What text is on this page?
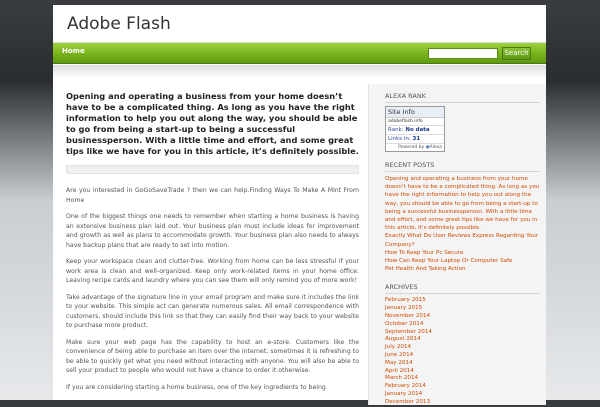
Adobe Flash
Home	Search
Opening and operating a business from your home doesn’t have to be a complicated thing. As long as you have the right information to help you out along the way, you should be able to go from being a start-up to being a successful businessperson. With a little time and effort, and some great tips like we have for you in this article, it’s definitely possible.

Are you interested in GoGoSaveTrade ? then we can help.Finding Ways To Make A Mint From Home

One of the biggest things one needs to remember when starting a home business is having an extensive business plan laid out. Your business plan must include ideas for improvement and growth as well as plans to accommodate growth. Your business plan also needs to always have backup plans that are ready to set into motion.

Keep your workspace clean and clutter-free. Working from home can be less stressful if your work area is clean and well-organized. Keep only work-related items in your home office. Leaving recipe cards and laundry where you can see them will only remind you of more work!

Take advantage of the signature line in your email program and make sure it includes the link to your website. This simple act can generate numerous sales. All email correspondence with customers, should include this link so that they can easily find their way back to your website to purchase more product.

Make sure your web page has the capability to host an e-store. Customers like the convenience of being able to purchase an item over the internet; sometimes it is refreshing to be able to quickly get what you need without interacting with anyone. You will also be able to sell your product to people who would not have a chance to order it otherwise.

If you are considering starting a home business, one of the key ingredients to being

ALEXA RANK
Site Info
adobeflash.info
Rank: No data
Links in: 31
Powered by ◉Alexa
RECENT POSTS
Opening and operating a business from your home doesn’t have to be a complicated thing. As long as you have the right information to help you out along the way, you should be able to go from being a start-up to being a successful businessperson. With a little time and effort, and some great tips like we have for you in this article, it’s definitely possible.
Exactly What Do User Reviews Express Regarding Your Company?
How To Keep Your Pc Secure
How Can Keep Your Laptop Or Computer Safe
Pet Health And Taking Action
ARCHIVES
February 2015
January 2015
November 2014
October 2014
September 2014
August 2014
July 2014
June 2014
May 2014
April 2014
March 2014
February 2014
January 2014
December 2013
